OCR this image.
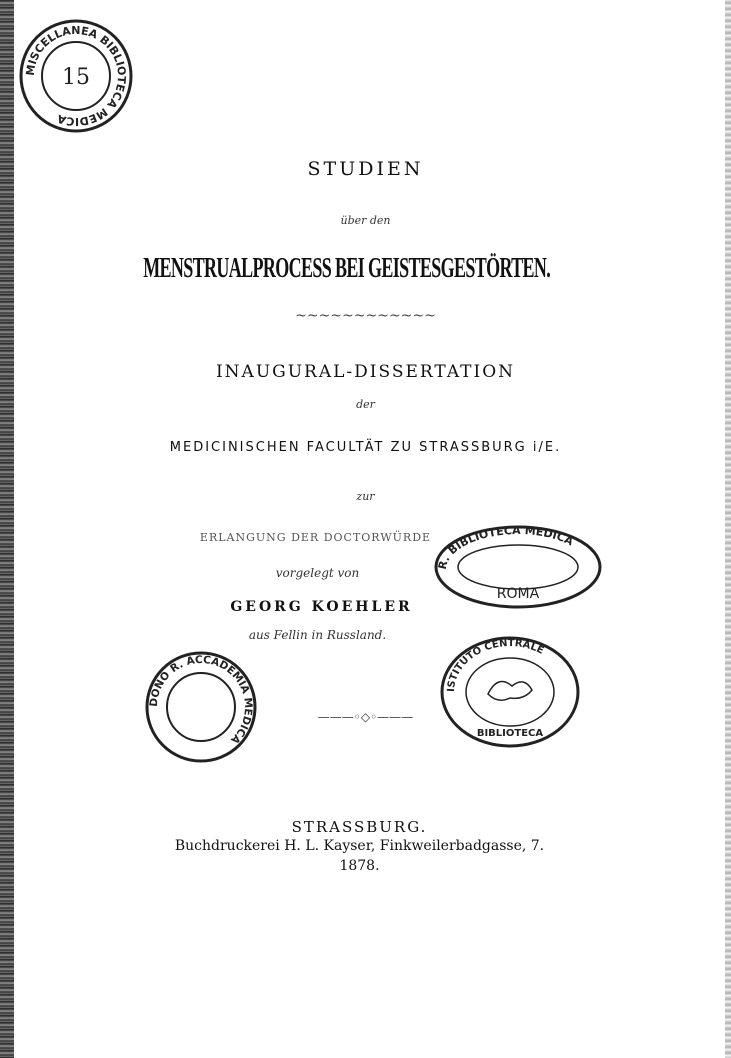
MISCELLANEA BIBLIOTECA MEDICA
15
STUDIEN
über den
MENSTRUALPROCESS BEI GEISTESGESTÖRTEN.
~~~~~~~~~~~~
INAUGURAL-DISSERTATION
der
MEDICINISCHEN FACULTÄT ZU STRASSBURG i/E.
zur
ERLANGUNG DER DOCTORWÜRDE
vorgelegt von
GEORG KOEHLER
aus Fellin in Russland.
———◦◇◦———
STRASSBURG.
Buchdruckerei H. L. Kayser, Finkweilerbadgasse, 7.
1878.
R. BIBLIOTECA MEDICA
ROMA
DONO R. ACCADEMIA MEDICA
ISTITUTO CENTRALE
BIBLIOTECA
